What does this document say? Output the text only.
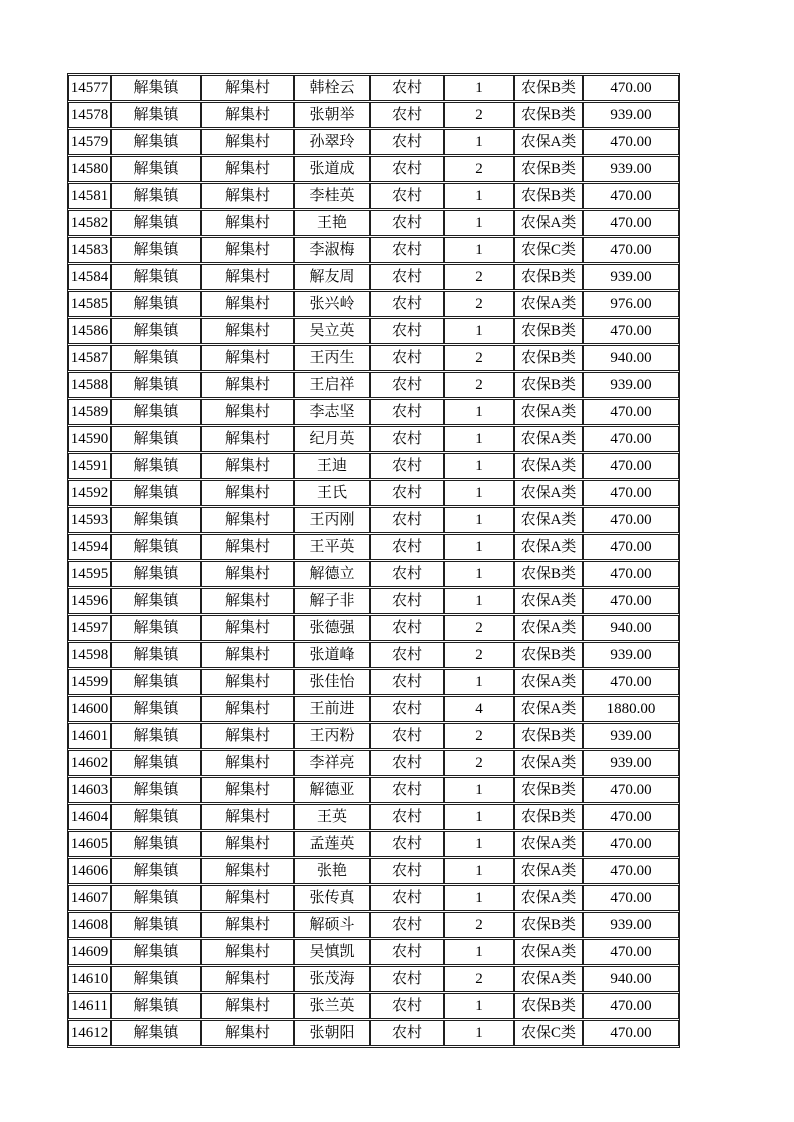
14577	解集镇	解集村	韩栓云	农村	1	农保B类	470.00
14578	解集镇	解集村	张朝举	农村	2	农保B类	939.00
14579	解集镇	解集村	孙翠玲	农村	1	农保A类	470.00
14580	解集镇	解集村	张道成	农村	2	农保B类	939.00
14581	解集镇	解集村	李桂英	农村	1	农保B类	470.00
14582	解集镇	解集村	王艳	农村	1	农保A类	470.00
14583	解集镇	解集村	李淑梅	农村	1	农保C类	470.00
14584	解集镇	解集村	解友周	农村	2	农保B类	939.00
14585	解集镇	解集村	张兴岭	农村	2	农保A类	976.00
14586	解集镇	解集村	吴立英	农村	1	农保B类	470.00
14587	解集镇	解集村	王丙生	农村	2	农保B类	940.00
14588	解集镇	解集村	王启祥	农村	2	农保B类	939.00
14589	解集镇	解集村	李志坚	农村	1	农保A类	470.00
14590	解集镇	解集村	纪月英	农村	1	农保A类	470.00
14591	解集镇	解集村	王迪	农村	1	农保A类	470.00
14592	解集镇	解集村	王氏	农村	1	农保A类	470.00
14593	解集镇	解集村	王丙刚	农村	1	农保A类	470.00
14594	解集镇	解集村	王平英	农村	1	农保A类	470.00
14595	解集镇	解集村	解德立	农村	1	农保B类	470.00
14596	解集镇	解集村	解子非	农村	1	农保A类	470.00
14597	解集镇	解集村	张德强	农村	2	农保A类	940.00
14598	解集镇	解集村	张道峰	农村	2	农保B类	939.00
14599	解集镇	解集村	张佳怡	农村	1	农保A类	470.00
14600	解集镇	解集村	王前进	农村	4	农保A类	1880.00
14601	解集镇	解集村	王丙粉	农村	2	农保B类	939.00
14602	解集镇	解集村	李祥亮	农村	2	农保A类	939.00
14603	解集镇	解集村	解德亚	农村	1	农保B类	470.00
14604	解集镇	解集村	王英	农村	1	农保B类	470.00
14605	解集镇	解集村	孟莲英	农村	1	农保A类	470.00
14606	解集镇	解集村	张艳	农村	1	农保A类	470.00
14607	解集镇	解集村	张传真	农村	1	农保A类	470.00
14608	解集镇	解集村	解硕斗	农村	2	农保B类	939.00
14609	解集镇	解集村	吴慎凯	农村	1	农保A类	470.00
14610	解集镇	解集村	张茂海	农村	2	农保A类	940.00
14611	解集镇	解集村	张兰英	农村	1	农保B类	470.00
14612	解集镇	解集村	张朝阳	农村	1	农保C类	470.00
